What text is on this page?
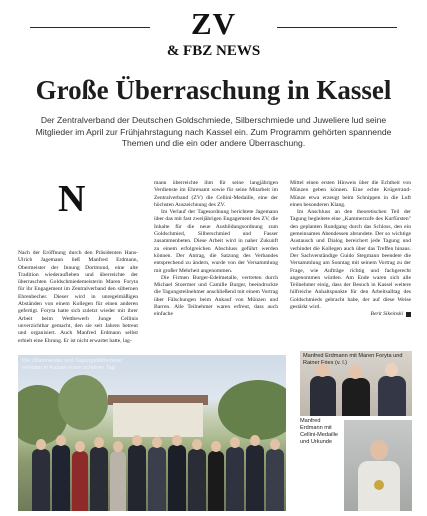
ZV
& FBZ NEWS
Große Überraschung in Kassel
Der Zentralverband der Deutschen Goldschmiede, Silberschmiede und Juweliere lud seine Mitglieder im April zur Frühjahrstagung nach Kassel ein. Zum Programm gehörten spannende Themen und die ein oder andere Überraschung.
N

Nach der Eröffnung durch den Präsidenten Hans-Ulrich Jagemann ließ Manfred Erdmann, Obermeister der Innung Dortmund, eine alte Tradition wiederaufleben und überreichte der überraschten Goldschmiedemeisterin Maren Foryta für ihr Engagement im Zentralverband den silbernen Ehrenbecher. Dieser wird in unregelmäßigen Abständen von einem Kollegen für einen anderen gefertigt. Foryta hatte sich zuletzt wieder mit ihrer Arbeit beim Wettbewerb Junge Cellinis unverzichtbar gemacht, den sie seit Jahren betreut und organisiert. Auch Manfred Erdmann selbst erhielt eine Ehrung. Er ist nicht erwartet hatte, lag-

mann überreichte ihm für seine langjährigen Verdienste im Ehrenamt sowie für seine Mitarbeit im Zentralverband (ZV) die Cellini-Medaille, eine der höchsten Auszeichnung des ZV.

Im Verlauf der Tagesordnung berichtete Jagemann über das mit fast zweijährigen Engagement des ZV, die Inhalte für die neue Ausbildungsordnung zum Goldschmied, Silberschmied und Fasser zusammenbeten. Diese Arbeit wird in naher Zukunft zu einem erfolgreichen Abschluss geführt werden können. Der Antrag, die Satzung des Verbandes entsprechend zu ändern, wurde von der Versammlung mit großer Mehrheit angenommen.

Die Firmen Burger-Edelmetalle, vertreten durch Michael Stoermer und Camille Burger, beeindruckte die Tagungsteilnehmer anschließend mit einem Vortrag über Fälschungen beim Ankauf von Münzen und Barren. Alle Teilnehmer waren erfreut, dass auch einfache

Mittel einen ersten Hinweis über die Echtheit von Münzen geben können. Eine echte Krügerrand-Münze etwa erzeugt beim Schnippen in die Luft einen besonderen Klang.

Im Anschluss an den theoretischen Teil der Tagung begleitete eine „Kammerzofe des Kurfürsten" den geplanten Rundgang durch das Schloss, den ein gemeinsames Abendessen abrundete. Der so wichtige Austausch und Dialog bereichert jede Tagung und verbindet die Kollegen auch über das Treffen hinaus. Der Sachverständige Guido Stegmann beendete die Versammlung am Sonntag mit seinem Vortrag zu der Frage, wie Aufträge richtig und fachgerecht angenommen würden. Am Ende waren sich alle Teilnehmer einig, dass der Besuch in Kassel weitere hilfreiche Anhaltspunkte für den Arbeitsalltag des Goldschmieds gebracht habe, der auf diese Weise gestärkt wird.

Berit Sikeinski
Die Obermeister und Tagungsteilnehmer erlebten in Kassel einen schönen Tag
Manfred Erdmann mit Maren Foryta und Rainer Fries (v. l.)
Manfred Erdmann mit Cellini-Medaille und Urkunde
